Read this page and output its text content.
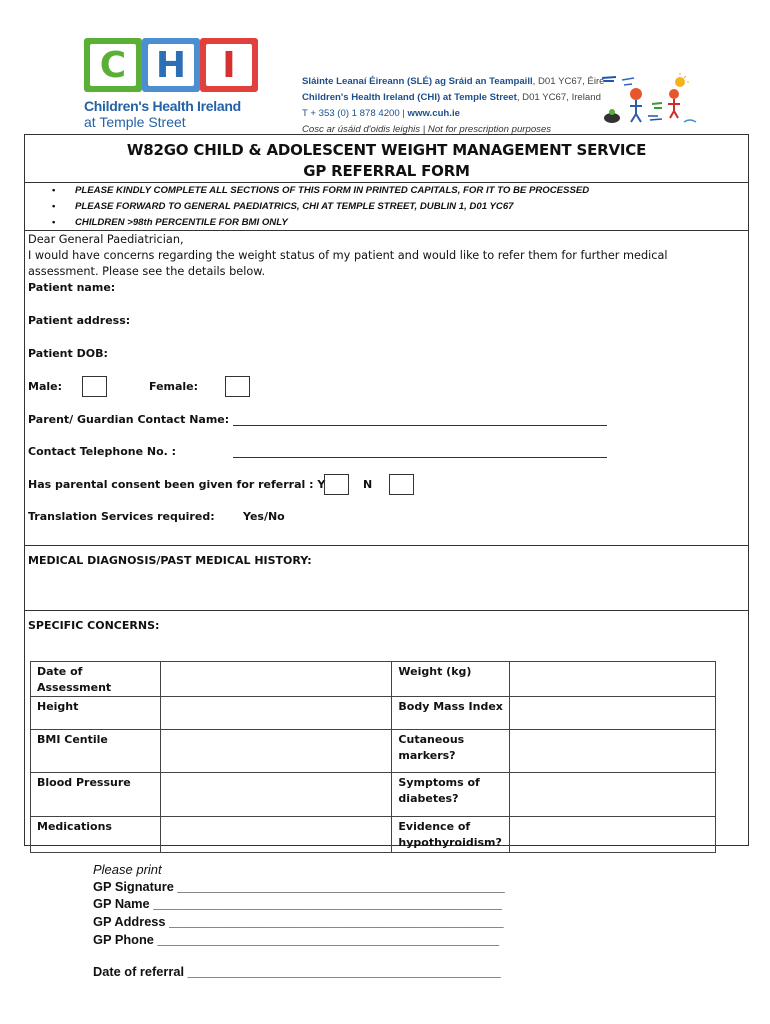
C H	I
Children's Health Ireland
at Temple Street
Sláinte Leanaí Éireann (SLÉ) ag Sráid an Teampaill, D01 YC67, Éire
Children's Health Ireland (CHI) at Temple Street, D01 YC67, Ireland
T + 353 (0) 1 878 4200 | www.cuh.ie
Cosc ar úsáid d'oidis leighis | Not for prescription purposes
W82GO CHILD & ADOLESCENT WEIGHT MANAGEMENT SERVICE
GP REFERRAL FORM
• PLEASE KINDLY COMPLETE ALL SECTIONS OF THIS FORM IN PRINTED CAPITALS, FOR IT TO BE PROCESSED
• PLEASE FORWARD TO GENERAL PAEDIATRICS, CHI AT TEMPLE STREET, DUBLIN 1, D01 YC67
• CHILDREN >98th PERCENTILE FOR BMI ONLY
Dear General Paediatrician,
I would have concerns regarding the weight status of my patient and would like to refer them for further medical
assessment. Please see the details below.
Patient name:
Patient address:
Patient DOB:
Male:	Female:
Parent/ Guardian Contact Name:
Contact Telephone No. :
Has parental consent been given for referral : Y	N
Translation Services required:	Yes/No
MEDICAL DIAGNOSIS/PAST MEDICAL HISTORY:
SPECIFIC CONCERNS:
Date of Assessment		Weight (kg)	
Height		Body Mass Index	
BMI Centile		Cutaneous markers?	
Blood Pressure		Symptoms of diabetes?	
Medications		Evidence of hypothyroidism?	
Please print
GP Signature ______________________________________________
GP Name _________________________________________________
GP Address _______________________________________________
GP Phone ________________________________________________
Date of referral ____________________________________________
